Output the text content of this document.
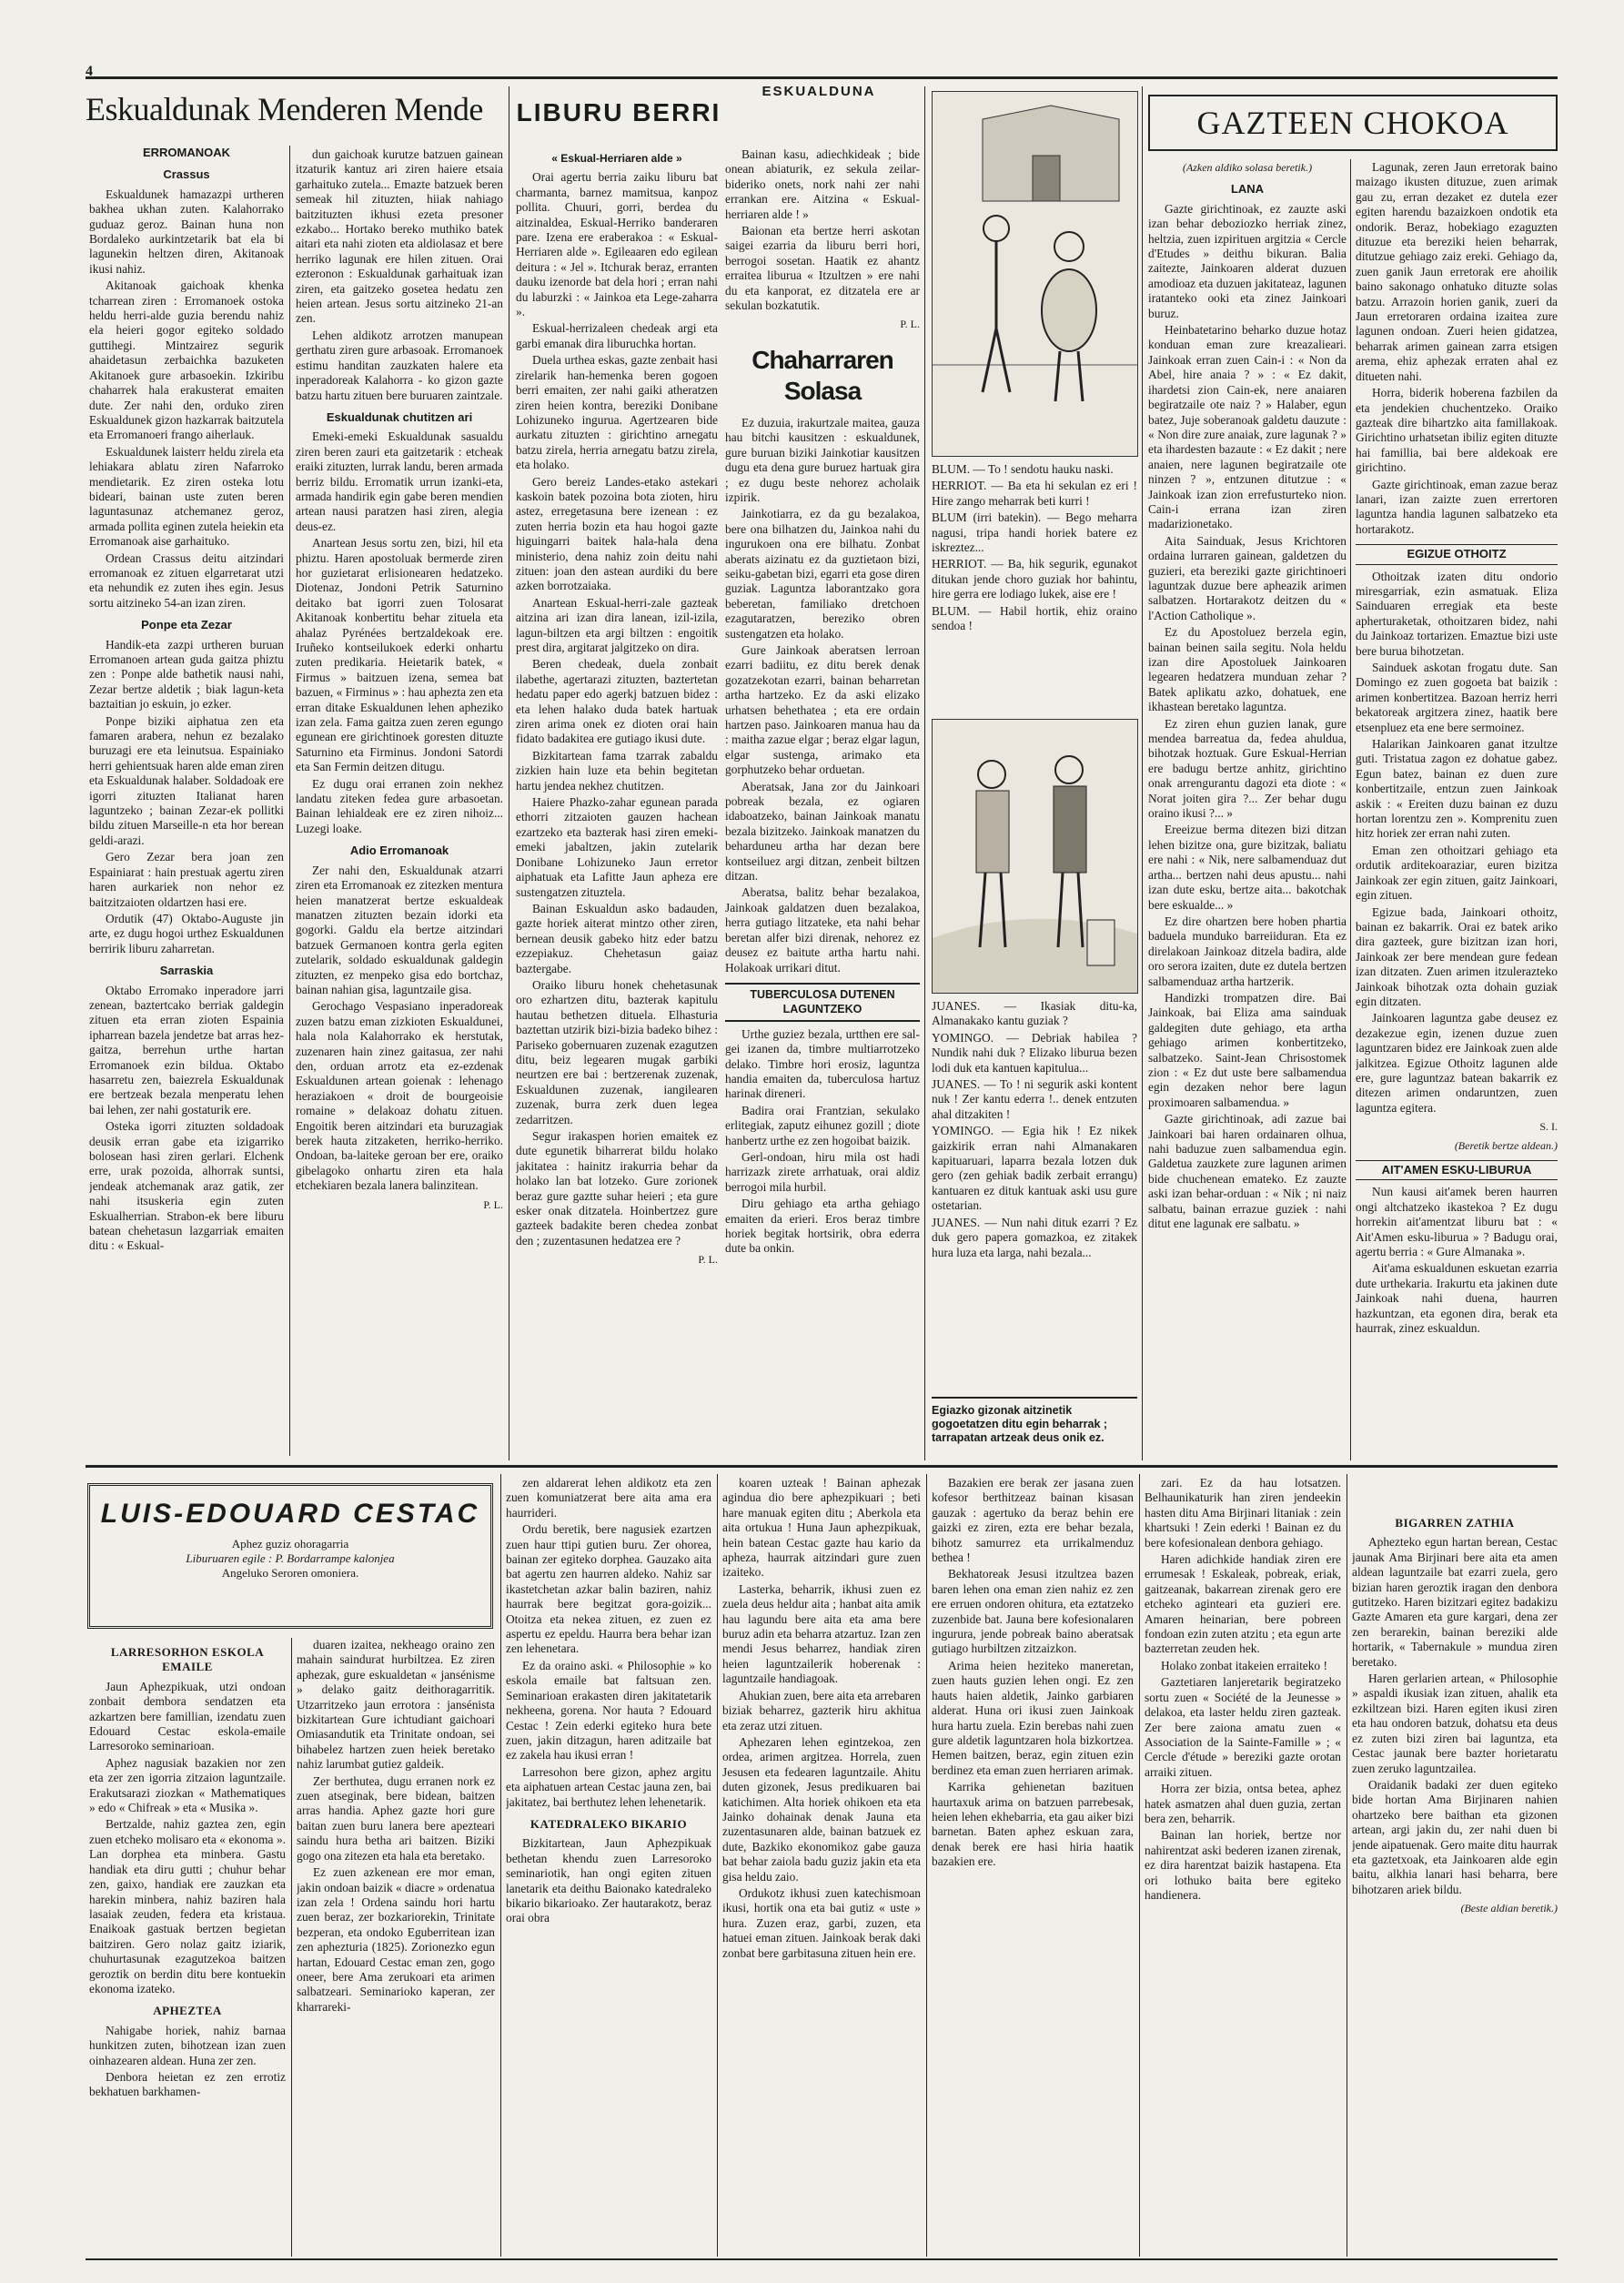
4
ESKUALDUNA
Eskualdunak Menderen Mende
ERROMANOAK
Crassus

Eskualdunek hamazazpi urtheren bakhea ukhan zuten. Kalahorrako guduaz geroz. Bainan huna non Bordaleko aurkintzetarik bat ela bi lagunekin heltzen diren, Akitanoak ikusi nahiz.

Akitanoak gaichoak khenka tcharrean ziren : Erromanoek ostoka heldu herri-alde guzia berendu nahiz ela heieri gogor egiteko soldado guttihegi. Mintzairez segurik ahaidetasun zerbaichka bazuketen Akitanoek gure arbasoekin. Izkiribu chaharrek hala erakusterat emaiten dute. Zer nahi den, orduko ziren Eskualdunek gizon hazkarrak baitzutela eta Erromanoeri frango aiherlauk.

Eskualdunek laisterr heldu zirela eta lehiakara ablatu ziren Nafarroko mendietarik. Ez ziren osteka lotu bideari, bainan uste zuten beren laguntasunaz atchemanez geroz, armada pollita eginen zutela heiekin eta Erromanoak aise garhaituko.

Ordean Crassus deitu aitzindari erromanoak ez zituen elgarretarat utzi eta nehundik ez zuten ihes egin. Jesus sortu aitzineko 54-an izan ziren.

Ponpe eta Zezar

Handik-eta zazpi urtheren buruan Erromanoen artean guda gaitza phiztu zen : Ponpe alde bathetik nausi nahi, Zezar bertze aldetik ; biak lagun-keta baztaitian jo eskuin, jo ezker.

Ponpe biziki aiphatua zen eta famaren arabera, nehun ez bezalako buruzagi ere eta leinutsua. Espainiako herri gehientsuak haren alde eman ziren eta Eskualdunak halaber. Soldadoak ere igorri zituzten Italianat haren laguntzeko ; bainan Zezar-ek pollitki bildu zituen Marseille-n eta hor berean geldi-arazi.

Gero Zezar bera joan zen Espainiarat : hain prestuak agertu ziren haren aurkariek non nehor ez baitzitzaioten oldartzen hasi ere.

Ordutik (47) Oktabo-Auguste jin arte, ez dugu hogoi urthez Eskualdunen berririk liburu zaharretan.

Sarraskia

Oktabo Erromako inperadore jarri zenean, baztertcako berriak galdegin zituen eta erran zioten Espainia ipharrean bazela jendetze bat arras hez-gaitza, berrehun urthe hartan Erromanoek ezin bildua. Oktabo hasarretu zen, baiezrela Eskualdunak ere bertzeak bezala menperatu lehen bai lehen, zer nahi gostaturik ere.

Osteka igorri zituzten soldadoak deusik erran gabe eta izigarriko bolosean hasi ziren gerlari. Elchenk erre, urak pozoida, alhorrak suntsi, jendeak atchemanak araz gatik, zer nahi itsuskeria egin zuten Eskualherrian. Strabon-ek bere liburu batean chehetasun lazgarriak emaiten ditu : « Eskual-

dun gaichoak kurutze batzuen gainean itzaturik kantuz ari ziren haiere etsaia garhaituko zutela... Emazte batzuek beren semeak hil zituzten, hiiak nahiago baitzituzten ikhusi ezeta presoner ezkabo... Hortako bereko muthiko batek aitari eta nahi zioten eta aldiolasaz et bere herriko lagunak ere hilen zituen. Orai ezteronon : Eskualdunak garhaituak izan ziren, eta gaitzeko gosetea hedatu zen heien artean. Jesus sortu aitzineko 21-an zen.

Lehen aldikotz arrotzen manupean gerthatu ziren gure arbasoak. Erromanoek estimu handitan zauzkaten halere eta inperadoreak Kalahorra - ko gizon gazte batzu hartu zituen bere buruaren zaintzale.

Eskualdunak chutitzen ari

Emeki-emeki Eskualdunak sasualdu ziren beren zauri eta gaitzetarik : etcheak eraiki zituzten, lurrak landu, beren armada berriz bildu. Erromatik urrun izanki-eta, armada handirik egin gabe beren mendien artean nausi paratzen hasi ziren, alegia deus-ez.

Anartean Jesus sortu zen, bizi, hil eta phiztu. Haren apostoluak bermerde ziren hor guzietarat erlisionearen hedatzeko. Diotenaz, Jondoni Petrik Saturnino deitako bat igorri zuen Tolosarat Akitanoak konbertitu behar zituela eta ahalaz Pyrénées bertzaldekoak ere. Iruñeko kontseilukoek ederki onhartu zuten predikaria. Heietarik batek, « Firmus » baitzuen izena, semea bat bazuen, « Firminus » : hau aphezta zen eta erran ditake Eskualdunen lehen apheziko izan zela. Fama gaitza zuen zeren egungo egunean ere girichtinoek goresten dituzte Saturnino eta Firminus. Jondoni Satordi eta San Fermin deitzen ditugu.

Ez dugu orai erranen zoin nekhez landatu ziteken fedea gure arbasoetan. Bainan lehialdeak ere ez ziren nihoiz... Luzegi loake.

Adio Erromanoak

Zer nahi den, Eskualdunak atzarri ziren eta Erromanoak ez zitezken mentura heien manatzerat bertze eskualdeak manatzen zituzten bezain idorki eta gogorki. Galdu ela bertze aitzindari batzuek Germanoen kontra gerla egiten zutelarik, soldado eskualdunak galdegin zituzten, ez menpeko gisa edo bortchaz, bainan nahian gisa, laguntzaile gisa.

Gerochago Vespasiano inperadoreak zuzen batzu eman zizkioten Eskualdunei, hala nola Kalahorrako ek herstutak, zuzenaren hain zinez gaitasua, zer nahi den, orduan arrotz eta ez-ezdenak Eskualdunen artean goienak : lehenago heraziakoen « droit de bourgeoisie romaine » delakoaz dohatu zituen. Engoitik beren aitzindari eta buruzagiak berek hauta zitzaketen, herriko-herriko. Ondoan, ba-laiteke geroan ber ere, oraiko gibelagoko onhartu ziren eta hala etchekiaren bezala lanera balinzitean.

P. L.
LIBURU BERRI
« Eskual-Herriaren alde »

Orai agertu berria zaiku liburu bat charmanta, barnez mamitsua, kanpoz pollita. Chuuri, gorri, berdea du aitzinaldea, Eskual-Herriko banderaren pare. Izena ere eraberakoa : « Eskual-Herriaren alde ». Egileaaren edo egilean deitura : « Jel ». Itchurak beraz, erranten dauku izenorde bat dela hori ; erran nahi du laburzki : « Jainkoa eta Lege-zaharra ».

Eskual-herrizaleen chedeak argi eta garbi emanak dira liburuchka hortan.

Duela urthea eskas, gazte zenbait hasi zirelarik han-hemenka beren gogoen berri emaiten, zer nahi gaiki atheratzen ziren heien kontra, bereziki Donibane Lohizuneko ingurua. Agertzearen bide aurkatu zituzten : girichtino arnegatu batzu zirela, herria arnegatu batzu zirela, eta holako.

Gero bereiz Landes-etako astekari kaskoin batek pozoina bota zioten, hiru astez, erregetasuna bere izenean : ez zuten herria bozin eta hau hogoi gazte higuingarri baitek hala-hala dena ministerio, dena nahiz zoin deitu nahi zituen: joan den astean aurdiki du bere azken borrotzaiaka.

Anartean Eskual-herri-zale gazteak aitzina ari izan dira lanean, izil-izila, lagun-biltzen eta argi biltzen : engoitik prest dira, argitarat jalgitzeko on dira.

Beren chedeak, duela zonbait ilabethe, agertarazi zituzten, baztertetan hedatu paper edo agerkj batzuen bidez : eta lehen halako duda batek hartuak ziren arima onek ez dioten orai hain fidato badakitea ere gutiago ikusi dute.

Bizkitartean fama tzarrak zabaldu zizkien hain luze eta behin begitetan hartu jendea nekhez chutitzen.

Haiere Phazko-zahar egunean parada ethorri zitzaioten gauzen hachean ezartzeko eta bazterak hasi ziren emeki-emeki jabaltzen, jakin zutelarik Donibane Lohizuneko Jaun erretor aiphatuak eta Lafitte Jaun apheza ere sustengatzen zituztela.

Bainan Eskualdun asko badauden, gazte horiek aiterat mintzo other ziren, bernean deusik gabeko hitz eder batzu ezzepiakuz. Chehetasun gaiaz baztergabe.

Oraiko liburu honek chehetasunak oro ezhartzen ditu, bazterak kapitulu hautau bethetzen dituela. Elhasturia baztettan utzirik bizi-bizia badeko bihez : Pariseko gobernuaren zuzenak ezagutzen ditu, beiz legearen mugak garbiki neurtzen ere bai : bertzerenak zuzenak, Eskualdunen zuzenak, iangilearen zuzenak, burra zerk duen legea zedarritzen.

Segur irakaspen horien emaitek ez dute egunetik biharrerat bildu holako jakitatea : hainitz irakurria behar da holako lan bat lotzeko. Gure zorionek beraz gure gaztte suhar heieri ; eta gure esker onak ditzatela. Hoinbertzez gure gazteek badakite beren chedea zonbat den ; zuzentasunen hedatzea ere ?

P. L.

Bainan kasu, adiechkideak ; bide onean abiaturik, ez sekula zeilar-bideriko onets, nork nahi zer nahi errankan ere. Aitzina « Eskual-herriaren alde ! »

Baionan eta bertze herri askotan saigei ezarria da liburu berri hori, berrogoi sosetan. Haatik ez ahantz erraitea liburua « Itzultzen » ere nahi du eta kanporat, ez ditzatela ere ar sekulan bozkatutik.

P. L.
Chaharraren Solasa

Ez duzuia, irakurtzale maitea, gauza hau bitchi kausitzen : eskualdunek, gure buruan biziki Jainkotiar kausitzen dugu eta dena gure buruez hartuak gira ; ez dugu beste nehorez acholaik izpirik.

Jainkotiarra, ez da gu bezalakoa, bere ona bilhatzen du, Jainkoa nahi du ingurukoen ona ere bilhatu. Zonbat aberats aizinatu ez da guztietaon bizi, seiku-gabetan bizi, egarri eta gose diren guziak. Laguntza laborantzako gora beberetan, familiako dretchoen ezagutaratzen, bereziko obren sustengatzen eta holako.

Gure Jainkoak aberatsen lerroan ezarri badiitu, ez ditu berek denak gozatzekotan ezarri, bainan beharretan artha hartzeko. Ez da aski elizako urhatsen behethatea ; eta ere ordain hartzen paso. Jainkoaren manua hau da : maitha zazue elgar ; beraz elgar lagun, elgar sustenga, arimako eta gorphutzeko behar orduetan.

Aberatsak, Jana zor du Jainkoari pobreak bezala, ez ogiaren idaboatzeko, bainan Jainkoak manatu bezala bizitzeko. Jainkoak manatzen du beharduneu artha har dezan bere kontseiluez argi ditzan, zenbeit biltzen ditzan.

Aberatsa, balitz behar bezalakoa, Jainkoak galdatzen duen bezalakoa, herra gutiago litzateke, eta nahi behar beretan alfer bizi direnak, nehorez ez deusez ez baitute artha hartu nahi. Holakoak urrikari ditut.

TUBERCULOSA DUTENEN LAGUNTZEKO

Urthe guziez bezala, urtthen ere sal-gei izanen da, timbre multiarrotzeko delako. Timbre hori erosiz, laguntza handia emaiten da, tuberculosa hartuz harinak direneri.

Badira orai Frantzian, sekulako erlitegiak, zaputz eihunez gozill ; diote hanbertz urthe ez zen hogoibat baizik.

Gerl-ondoan, hiru mila ost hadi harrizazk zirete arrhatuak, orai aldiz berrogoi mila hurbil.

Diru gehiago eta artha gehiago emaiten da erieri. Eros beraz timbre horiek begitak hortsirik, obra ederra dute ba onkin.

BLUM. — To ! sendotu hauku naski.

HERRIOT. — Ba eta hi sekulan ez eri ! Hire zango meharrak beti kurri !

BLUM (irri batekin). — Bego meharra nagusi, tripa handi horiek batere ez iskreztez...

HERRIOT. — Ba, hik segurik, egunakot ditukan jende choro guziak hor bahintu, hire gerra ere lodiago lukek, aise ere !

BLUM. — Habil hortik, ehiz oraino sendoa !

JUANES. — Ikasiak ditu-ka, Almanakako kantu guziak ?

YOMINGO. — Debriak habilea ? Nundik nahi duk ? Elizako liburua bezen lodi duk eta kantuen kapitulua...

JUANES. — To ! ni segurik aski kontent nuk ! Zer kantu ederra !.. denek entzuten ahal ditzakiten !

YOMINGO. — Egia hik ! Ez nikek gaizkirik erran nahi Almanakaren kapituaruari, laparra bezala lotzen duk gero (zen gehiak badik zerbait errangu) kantuaren ez dituk kantuak aski usu gure ostetarian.

JUANES. — Nun nahi dituk ezarri ? Ez duk gero papera gomazkoa, ez zitakek hura luza eta larga, nahi bezala...

Egiazko gizonak aitzinetik gogoetatzen ditu egin beharrak ; tarrapatan artzeak deus onik ez.
GAZTEEN CHOKOA
(Azken aldiko solasa beretik.)
LANA

Gazte girichtinoak, ez zauzte aski izan behar deboziozko herriak zinez, heltzia, zuen izpirituen argitzia « Cercle d'Etudes » deithu bikuran. Balia zaitezte, Jainkoaren alderat duzuen amodioaz eta duzuen jakitateaz, lagunen iratanteko ooki eta zinez Jainkoari buruz.

Heinbatetarino beharko duzue hotaz konduan eman zure kreazalieari. Jainkoak erran zuen Cain-i : « Non da Abel, hire anaia ? » : « Ez dakit, ihardetsi zion Cain-ek, nere anaiaren begiratzaile ote naiz ? » Halaber, egun batez, Juje soberanoak galdetu dauzute : « Non dire zure anaiak, zure lagunak ? » eta ihardesten bazaute : « Ez dakit ; nere anaien, nere lagunen begiratzaile ote ninzen ? », entzunen ditutzue : « Jainkoak izan zion errefusturteko nion. Cain-i errana izan ziren madarizionetako.

Aita Sainduak, Jesus Krichtoren ordaina lurraren gainean, galdetzen du guzieri, eta bereziki gazte girichtinoeri laguntzak duzue bere apheazik arimen salbatzen. Hortarakotz deitzen du « l'Action Catholique ».

Ez du Apostoluez berzela egin, bainan beinen saila segitu. Nola heldu izan dire Apostoluek Jainkoaren legearen hedatzera munduan zehar ? Batek aplikatu azko, dohatuek, ene ikhastean beretako laguntza.

Ez ziren ehun guzien lanak, gure mendea barreatua da, fedea ahuldua, bihotzak hoztuak. Gure Eskual-Herrian ere badugu bertze anhitz, girichtino onak arrengurantu dagozi eta diote : « Norat joiten gira ?... Zer behar dugu oraino ikusi ?... »

Ereeizue berma ditezen bizi ditzan lehen bizitze ona, gure bizitzak, baliatu ere nahi : « Nik, nere salbamenduaz dut artha... bertzen nahi deus apustu... nahi izan dute esku, bertze aita... bakotchak bere eskualde... »

Ez dire ohartzen bere hoben phartia baduela munduko barreiiduran. Eta ez direlakoan Jainkoaz ditzela badira, alde oro serora izaiten, dute ez dutela bertzen salbamenduaz artha hartzerik.

Handizki trompatzen dire. Bai Jainkoak, bai Eliza ama sainduak galdegiten dute gehiago, eta artha gehiago arimen konbertitzeko, salbatzeko. Saint-Jean Chrisostomek zion : « Ez dut uste bere salbamendua egin dezaken nehor bere lagun proximoaren salbamendua. »

Gazte girichtinoak, adi zazue bai Jainkoari bai haren ordainaren olhua, nahi baduzue zuen salbamendua egin. Galdetua zauzkete zure lagunen arimen bide chuchenean emateko. Ez zauzte aski izan behar-orduan : « Nik ; ni naiz salbatu, bainan errazue guziek : nahi ditut ene lagunak ere salbatu. »

Lagunak, zeren Jaun erretorak baino maizago ikusten dituzue, zuen arimak gau zu, erran dezaket ez dutela ezer egiten harendu bazaizkoen ondotik eta ondorik. Beraz, hobekiago ezaguzten dituzue eta bereziki heien beharrak, ditutzue gehiago zaiz ereki. Gehiago da, zuen ganik Jaun erretorak ere ahoilik baino sakonago onhatuko dituzte solas batzu. Arrazoin horien ganik, zueri da Jaun erretoraren ordaina izaitea zure lagunen ondoan. Zueri heien gidatzea, beharrak arimen gainean zarra etsigen arema, ehiz aphezak erraten ahal ez ditueten nahi.

Horra, biderik hoberena fazbilen da eta jendekien chuchentzeko. Oraiko gazteak dire bihartzko aita famillakoak. Girichtino urhatsetan ibiliz egiten dituzte hai famillia, bai bere aldekoak ere girichtino.

Gazte girichtinoak, eman zazue beraz lanari, izan zaizte zuen errertoren laguntza handia lagunen salbatzeko eta hortarakotz.

EGIZUE OTHOITZ

Othoitzak izaten ditu ondorio miresgarriak, ezin asmatuak. Eliza Sainduaren erregiak eta beste apherturaketak, othoitzaren bidez, nahi du Jainkoaz tortarizen. Emaztue bizi uste bere burua bihotzetan.

Sainduek askotan frogatu dute. San Domingo ez zuen gogoeta bat baizik : arimen konbertitzea. Bazoan herriz herri bekatoreak argitzera zinez, haatik bere etsenpluez eta ene bere sermoinez.

Halarikan Jainkoaren ganat itzultze guti. Tristatua zagon ez dohatue gabez. Egun batez, bainan ez duen zure konbertitzaile, entzun zuen Jainkoak askik : « Ereiten duzu bainan ez duzu hortan lorentzu zen ». Komprenitu zuen hitz horiek zer erran nahi zuten.

Eman zen othoitzari gehiago eta ordutik arditekoaraziar, euren bizitza Jainkoak zer egin zituen, gaitz Jainkoari, egin zituen.

Egizue bada, Jainkoari othoitz, bainan ez bakarrik. Orai ez batek ariko dira gazteek, gure bizitzan izan hori, Jainkoak zer bere mendean gure fedean izan ditzaten. Zuen arimen itzulerazteko Jainkoak bihotzak ozta dohain guziak egin ditzaten.

Jainkoaren laguntza gabe deusez ez dezakezue egin, izenen duzue zuen laguntzaren bidez ere Jainkoak zuen alde jalkitzea. Egizue Othoitz lagunen alde ere, gure laguntzaz batean bakarrik ez ditezen arimen ondaruntzen, zuen laguntza egitera.

S. I.
(Beretik bertze aldean.)
AIT'AMEN ESKU-LIBURUA

Nun kausi ait'amek beren haurren ongi altchatzeko ikastekoa ? Ez dugu horrekin ait'amentzat liburu bat : « Ait'Amen esku-liburua » ? Badugu orai, agertu berria : « Gure Almanaka ».

Ait'ama eskualdunen eskuetan ezarria dute urthekaria. Irakurtu eta jakinen dute Jainkoak nahi duena, haurren hazkuntzan, eta egonen dira, berak eta haurrak, zinez eskualdun.

LUIS-EDOUARD CESTAC
Aphez guziz ohoragarria
Liburuaren egile : P. Bordarrampe kalonjea
Angeluko Seroren omoniera.
LARRESORHON ESKOLA EMAILE

Jaun Aphezpikuak, utzi ondoan zonbait dembora sendatzen eta azkartzen bere famillian, izendatu zuen Edouard Cestac eskola-emaile Larresoroko seminarioan.

Aphez nagusiak bazakien nor zen eta zer zen igorria zitzaion laguntzaile. Erakutsarazi ziozkan « Mathematiques » edo « Chifreak » eta « Musika ».

Bertzalde, nahiz gaztea zen, egin zuen etcheko molisaro eta « ekonoma ». Lan dorphea eta minbera. Gastu handiak eta diru gutti ; chuhur behar zen, gaixo, handiak ere zauzkan eta harekin minbera, nahiz baziren hala lasaiak zeuden, federa eta kristaua. Enaikoak gastuak bertzen begietan baitziren. Gero nolaz gaitz iziarik, chuhurtasunak ezagutzekoa baitzen geroztik on berdin ditu bere kontuekin ekonoma izateko.

APHEZTEA

Nahigabe horiek, nahiz barnaa hunkitzen zuten, bihotzean izan zuen oinhazearen aldean. Huna zer zen.

Denbora heietan ez zen errotiz bekhatuen barkhamen-

duaren izaitea, nekheago oraino zen mahain saindurat hurbiltzea. Ez ziren aphezak, gure eskualdetan « jansénisme » delako gaitz deithoragarritik. Utzarritzeko jaun errotora : jansénista bizkitartean Gure ichtudiant gaichoari Omiasandutik eta Trinitate ondoan, sei bihabelez hartzen zuen heiek beretako nahiz larumbat gutiez galdeik.

Zer berthutea, dugu erranen nork ez zuen atseginak, bere bidean, baitzen arras handia. Aphez gazte hori gure baitan zuen buru lanera bere apezteari saindu hura betha ari baitzen. Biziki gogo ona zitezen eta hala eta beretako.

Ez zuen azkenean ere mor eman, jakin ondoan baizik « diacre » ordenatua izan zela ! Ordena saindu hori hartu zuen beraz, zer bozkariorekin, Trinitate bezperan, eta ondoko Eguberritean izan zen aphezturia (1825). Zorionezko egun hartan, Edouard Cestac eman zen, gogo oneer, bere Ama zerukoari eta arimen salbatzeari. Seminarioko kaperan, zer kharrareki-

zen aldarerat lehen aldikotz eta zen zuen komuniatzerat bere aita ama era haurrideri.

Ordu beretik, bere nagusiek ezartzen zuen haur ttipi gutien buru. Zer ohorea, bainan zer egiteko dorphea. Gauzako aita bat agertu zen haurren aldeko. Nahiz sar ikastetchetan azkar balin baziren, nahiz haurrak bere begitzat gora-goizik... Otoitza eta nekea zituen, ez zuen ez aspertu ez epeldu. Haurra bera behar izan zen lehenetara.

Ez da oraino aski. « Philosophie » ko eskola emaile bat faltsuan zen. Seminarioan erakasten diren jakitatetarik nekheena, gorena. Nor hauta ? Edouard Cestac ! Zein ederki egiteko hura bete zuen, jakin ditzagun, haren aditzaile bat ez zakela hau ikusi erran !

Larresohon bere gizon, aphez argitu eta aiphatuen artean Cestac jauna zen, bai jakitatez, bai berthutez lehen lehenetarik.

KATEDRALEKO BIKARIO

Bizkitartean, Jaun Aphezpikuak bethetan khendu zuen Larresoroko seminariotik, han ongi egiten zituen lanetarik eta deithu Baionako katedraleko bikario bikarioako. Zer hautarakotz, beraz orai obra

koaren uzteak ! Bainan aphezak agindua dio bere aphezpikuari ; beti hare manuak egiten ditu ; Aberkola eta aita ortukua ! Huna Jaun aphezpikuak, hein batean Cestac gazte hau kario da apheza, haurrak aitzindari gure zuen izaiteko.

Lasterka, beharrik, ikhusi zuen ez zuela deus heldur aita ; hanbat aita amik hau lagundu bere aita eta ama bere buruz adin eta beharra atzartuz. Izan zen mendi Jesus beharrez, handiak ziren heien laguntzailerik hoberenak : laguntzaile handiagoak.

Ahukian zuen, bere aita eta arrebaren biziak beharrez, gazterik hiru akhitua eta zeraz utzi zituen.

Aphezaren lehen egintzekoa, zen ordea, arimen argitzea. Horrela, zuen Jesusen eta fedearen laguntzaile. Ahitu duten gizonek, Jesus predikuaren bai katichimen. Alta horiek ohikoen eta eta Jainko dohainak denak Jauna eta zuzentasunaren alde, bainan batzuek ez dute, Bazkiko ekonomikoz gabe gauza bat behar zaiola badu guziz jakin eta eta gisa heldu zaio.

Ordukotz ikhusi zuen katechismoan ikusi, hortik ona eta bai gutiz « uste » hura. Zuzen eraz, garbi, zuzen, eta hatuei eman zituen. Jainkoak berak daki zonbat bere garbitasuna zituen hein ere.

Bazakien ere berak zer jasana zuen kofesor berthitzeaz bainan kisasan gauzak : agertuko da beraz behin ere gaizki ez ziren, ezta ere behar bezala, bihotz samurrez eta urrikalmenduz bethea !

Bekhatoreak Jesusi itzultzea bazen baren lehen ona eman zien nahiz ez zen ere erruen ondoren ohitura, eta eztatzeko zuzenbide bat. Jauna bere kofesionalaren ingurura, jende pobreak baino aberatsak gutiago hurbiltzen zitzaizkon.

Arima heien heziteko maneretan, zuen hauts guzien lehen ongi. Ez zen hauts haien aldetik, Jainko garbiaren alderat. Huna ori ikusi zuen Jainkoak hura hartu zuela. Ezin berebas nahi zuen gure aldetik laguntzaren hola bizkortzea. Hemen baitzen, beraz, egin zituen ezin berdinez eta eman zuen herriaren arimak.

Karrika gehienetan bazituen haurtaxuk arima on batzuen parrebesak, heien lehen ekhebarria, eta gau aiker bizi barnetan. Baten aphez eskuan zara, denak berek ere hasi hiria haatik bazakien ere.

zari. Ez da hau lotsatzen. Belhaunikaturik han ziren jendeekin hasten ditu Ama Birjinari litaniak : zein khartsuki ! Zein ederki ! Bainan ez du bere kofesionalean denbora gehiago.

Haren adichkide handiak ziren ere errumesak ! Eskaleak, pobreak, eriak, gaitzeanak, bakarrean zirenak gero ere etcheko aginteari eta guzieri ere. Amaren heinarian, bere pobreen fondoan ezin zuten atzitu ; eta egun arte bazterretan zeuden hek.

Holako zonbat itakeien erraiteko !

Gaztetiaren lanjeretarik begiratzeko sortu zuen « Société de la Jeunesse » delakoa, eta laster heldu ziren gazteak. Zer bere zaiona amatu zuen « Association de la Sainte-Famille » ; « Cercle d'étude » bereziki gazte orotan arraiki zituen.

Horra zer bizia, ontsa betea, aphez hatek asmatzen ahal duen guzia, zertan bera zen, beharrik.

Bainan lan horiek, bertze nor nahirentzat aski bederen izanen zirenak, ez dira harentzat baizik hastapena. Eta ori lothuko baita bere egiteko handienera.

BIGARREN ZATHIA

Aphezteko egun hartan berean, Cestac jaunak Ama Birjinari bere aita eta amen aldean laguntzaile bat ezarri zuela, gero bizian haren geroztik iragan den denbora gutitzeko. Haren bizitzari egitez badakizu Gazte Amaren eta gure kargari, dena zer zen berarekin, bainan bereziki alde hortarik, « Tabernakule » mundua ziren beretako.

Haren gerlarien artean, « Philosophie » aspaldi ikusiak izan zituen, ahalik eta ezkiltzean bizi. Haren egiten ikusi ziren eta hau ondoren batzuk, dohatsu eta deus ez zuten bizi ziren bai laguntza, eta Cestac jaunak bere bazter horietaratu zuen zeruko laguntzailea.

Oraidanik badaki zer duen egiteko bide hortan Ama Birjinaren nahien ohartzeko bere baithan eta gizonen artean, argi jakin du, zer nahi duen bi jende aipatuenak. Gero maite ditu haurrak eta gaztetxoak, eta Jainkoaren alde egin baitu, alkhia lanari hasi beharra, bere bihotzaren ariek bildu.

(Beste aldian beretik.)
